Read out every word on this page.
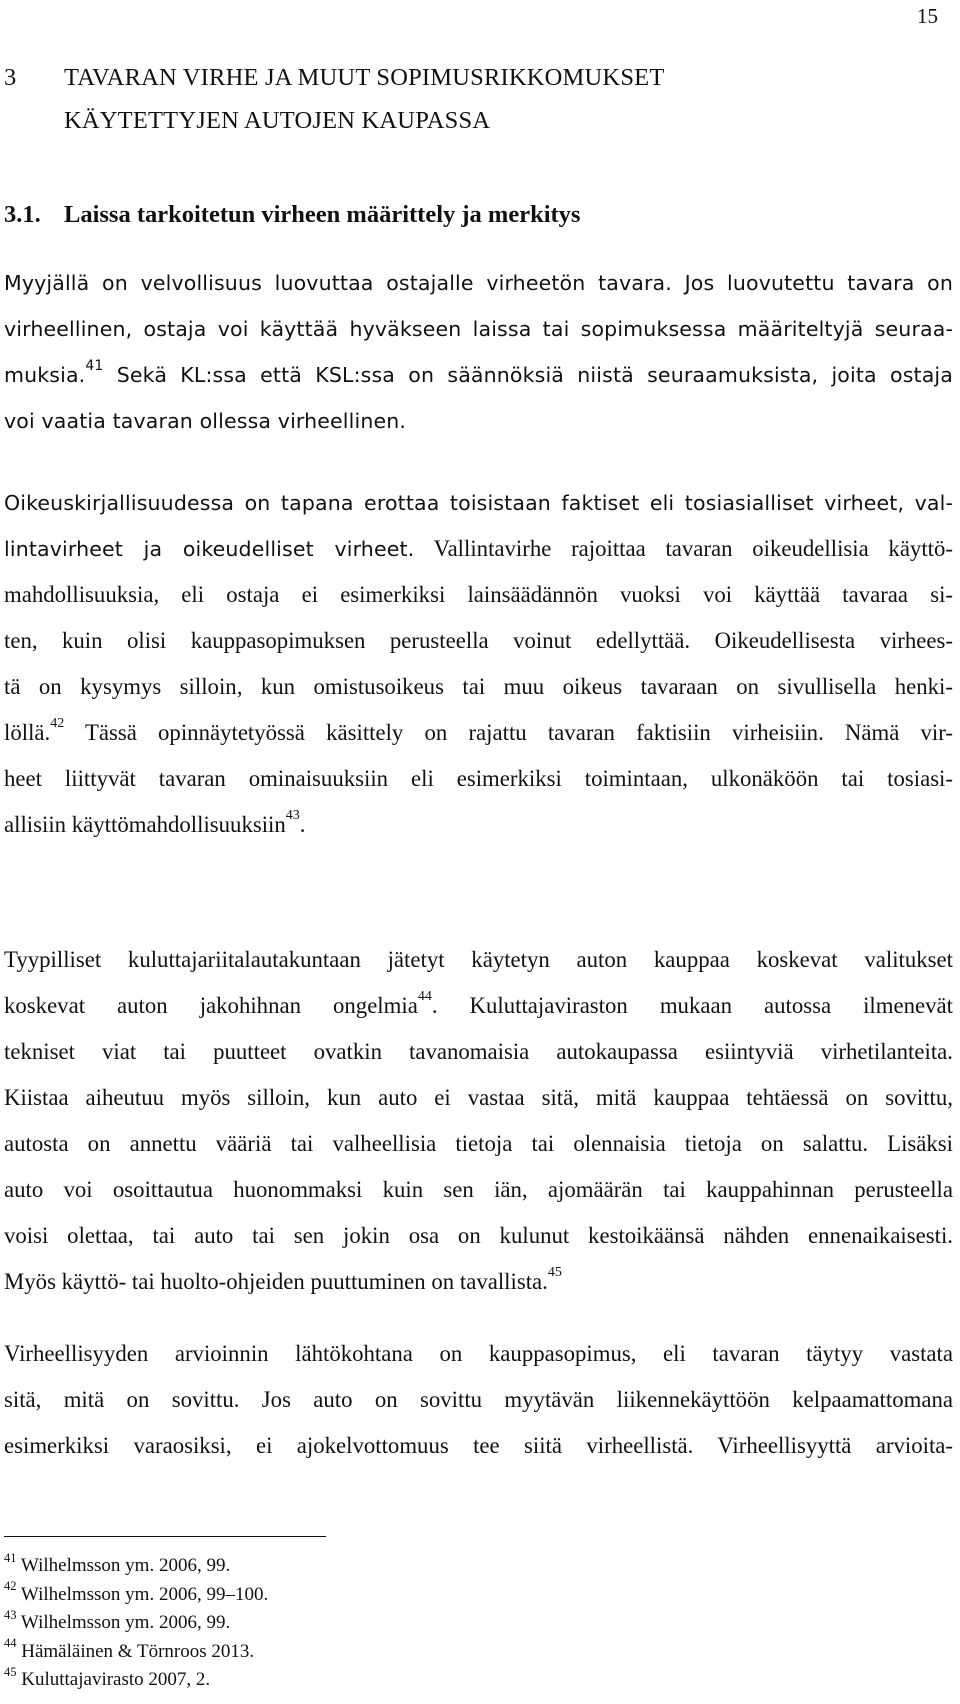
15
3 TAVARAN VIRHE JA MUUT SOPIMUSRIKKOMUKSET
KÄYTETTYJEN AUTOJEN KAUPASSA
3.1. Laissa tarkoitetun virheen määrittely ja merkitys

Myyjällä on velvollisuus luovuttaa ostajalle virheetön tavara. Jos luovutettu tavara on
virheellinen, ostaja voi käyttää hyväkseen laissa tai sopimuksessa määriteltyjä seuraa-
muksia.$^{41}$ Sekä KL:ssa että KSL:ssa on säännöksiä niistä seuraamuksista, joita ostaja
voi vaatia tavaran ollessa virheellinen.

Oikeuskirjallisuudessa on tapana erottaa toisistaan faktiset eli tosiasialliset virheet, val-
lintavirheet ja oikeudelliset virheet. Vallintavirhe rajoittaa tavaran oikeudellisia käyttö-

mahdollisuuksia, eli ostaja ei esimerkiksi lainsäädännön vuoksi voi käyttää tavaraa si-
ten, kuin olisi kauppasopimuksen perusteella voinut edellyttää. Oikeudellisesta virhees-
tä on kysymys silloin, kun omistusoikeus tai muu oikeus tavaraan on sivullisella henki-
löllä.$^{42}$ Tässä opinnäytetyössä käsittely on rajattu tavaran faktisiin virheisiin. Nämä vir-
heet liittyvät tavaran ominaisuuksiin eli esimerkiksi toimintaan, ulkonäköön tai tosiasi-
allisiin käyttömahdollisuuksiin$^{43}$.

Tyypilliset kuluttajariitalautakuntaan jätetyt käytetyn auton kauppaa koskevat valitukset
koskevat auton jakohihnan ongelmia$^{44}$. Kuluttajaviraston mukaan autossa ilmenevät
tekniset viat tai puutteet ovatkin tavanomaisia autokaupassa esiintyviä virhetilanteita.
Kiistaa aiheutuu myös silloin, kun auto ei vastaa sitä, mitä kauppaa tehtäessä on sovittu,
autosta on annettu vääriä tai valheellisia tietoja tai olennaisia tietoja on salattu. Lisäksi
auto voi osoittautua huonommaksi kuin sen iän, ajomäärän tai kauppahinnan perusteella
voisi olettaa, tai auto tai sen jokin osa on kulunut kestoikäänsä nähden ennenaikaisesti.
Myös käyttö- tai huolto-ohjeiden puuttuminen on tavallista.$^{45}$

Virheellisyyden arvioinnin lähtökohtana on kauppasopimus, eli tavaran täytyy vastata
sitä, mitä on sovittu. Jos auto on sovittu myytävän liikennekäyttöön kelpaamattomana
esimerkiksi varaosiksi, ei ajokelvottomuus tee siitä virheellistä. Virheellisyyttä arvioita-

$^{41}$ Wilhelmsson ym. 2006, 99.
$^{42}$ Wilhelmsson ym. 2006, 99–100.
$^{43}$ Wilhelmsson ym. 2006, 99.
$^{44}$ Hämäläinen & Törnroos 2013.
$^{45}$ Kuluttajavirasto 2007, 2.
